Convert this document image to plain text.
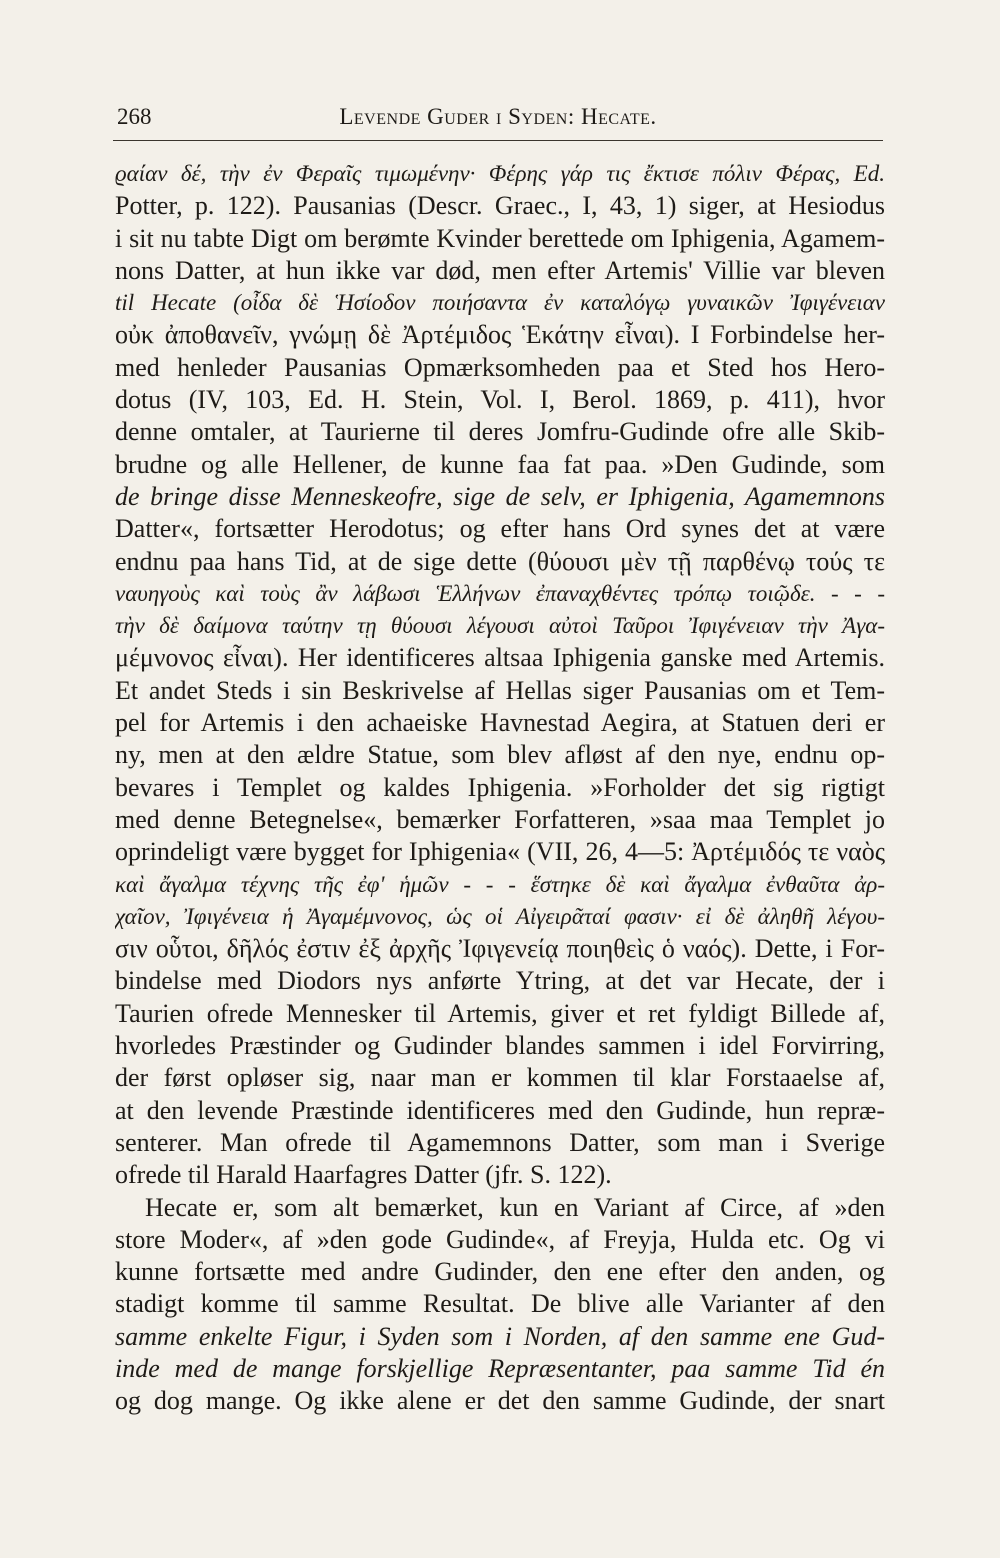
268	Levende Guder i Syden: Hecate.
ϱαίαν δέ, τὴν ἐν Φεραῖς τιμωμένην· Φέρης γάρ τις ἔκτισε πόλιν Φέρας, Ed.
Potter, p. 122). Pausanias (Descr. Graec., I, 43, 1) siger, at Hesiodus
i sit nu tabte Digt om berømte Kvinder berettede om Iphigenia, Agamem-
nons Datter, at hun ikke var død, men efter Artemis' Villie var bleven
til Hecate (οἶδα δὲ Ἡσίοδον ποιήσαντα ἐν καταλόγῳ γυναικῶν Ἰφιγένειαν
οὐκ ἀποθανεῖν, γνώμῃ δὲ Ἀρτέμιδος Ἑκάτην εἶναι). I Forbindelse her-
med henleder Pausanias Opmærksomheden paa et Sted hos Hero-
dotus (IV, 103, Ed. H. Stein, Vol. I, Berol. 1869, p. 411), hvor
denne omtaler, at Taurierne til deres Jomfru-Gudinde ofre alle Skib-
brudne og alle Hellener, de kunne faa fat paa. »Den Gudinde, som
de bringe disse Menneskeofre, sige de selv, er Iphigenia, Agamemnons
Datter«, fortsætter Herodotus; og efter hans Ord synes det at være
endnu paa hans Tid, at de sige dette (θύουσι μὲν τῇ παρθένῳ τούς τε
ναυηγοὺς καὶ τοὺς ἂν λάβωσι Ἑλλήνων ἐπαναχθέντες τρόπῳ τοιῷδε. - - -
τὴν δὲ δαίμονα ταύτην τῃ θύουσι λέγουσι αὐτοὶ Ταῦροι Ἰφιγένειαν τὴν Ἀγα-
μέμνονος εἶναι). Her identificeres altsaa Iphigenia ganske med Artemis.
Et andet Steds i sin Beskrivelse af Hellas siger Pausanias om et Tem-
pel for Artemis i den achaeiske Havnestad Aegira, at Statuen deri er
ny, men at den ældre Statue, som blev afløst af den nye, endnu op-
bevares i Templet og kaldes Iphigenia. »Forholder det sig rigtigt
med denne Betegnelse«, bemærker Forfatteren, »saa maa Templet jo
oprindeligt være bygget for Iphigenia« (VII, 26, 4—5: Ἀρτέμιδός τε ναὸς
καὶ ἄγαλμα τέχνης τῆς ἐφ' ἡμῶν - - - ἕστηκε δὲ καὶ ἄγαλμα ἐνθαῦτα ἀρ-
χαῖον, Ἰφιγένεια ἡ Ἀγαμέμνονος, ὡς οἱ Αἰγειρᾶταί φασιν· εἰ δὲ ἀληθῆ λέγου-
σιν οὗτοι, δῆλός ἐστιν ἐξ ἀρχῆς Ἰφιγενείᾳ ποιηθεὶς ὁ ναός). Dette, i For-
bindelse med Diodors nys anførte Ytring, at det var Hecate, der i
Taurien ofrede Mennesker til Artemis, giver et ret fyldigt Billede af,
hvorledes Præstinder og Gudinder blandes sammen i idel Forvirring,
der først opløser sig, naar man er kommen til klar Forstaaelse af,
at den levende Præstinde identificeres med den Gudinde, hun repræ-
senterer. Man ofrede til Agamemnons Datter, som man i Sverige
ofrede til Harald Haarfagres Datter (jfr. S. 122).
Hecate er, som alt bemærket, kun en Variant af Circe, af »den
store Moder«, af »den gode Gudinde«, af Freyja, Hulda etc. Og vi
kunne fortsætte med andre Gudinder, den ene efter den anden, og
stadigt komme til samme Resultat. De blive alle Varianter af den
samme enkelte Figur, i Syden som i Norden, af den samme ene Gud-
inde med de mange forskjellige Repræsentanter, paa samme Tid én
og dog mange. Og ikke alene er det den samme Gudinde, der snart
